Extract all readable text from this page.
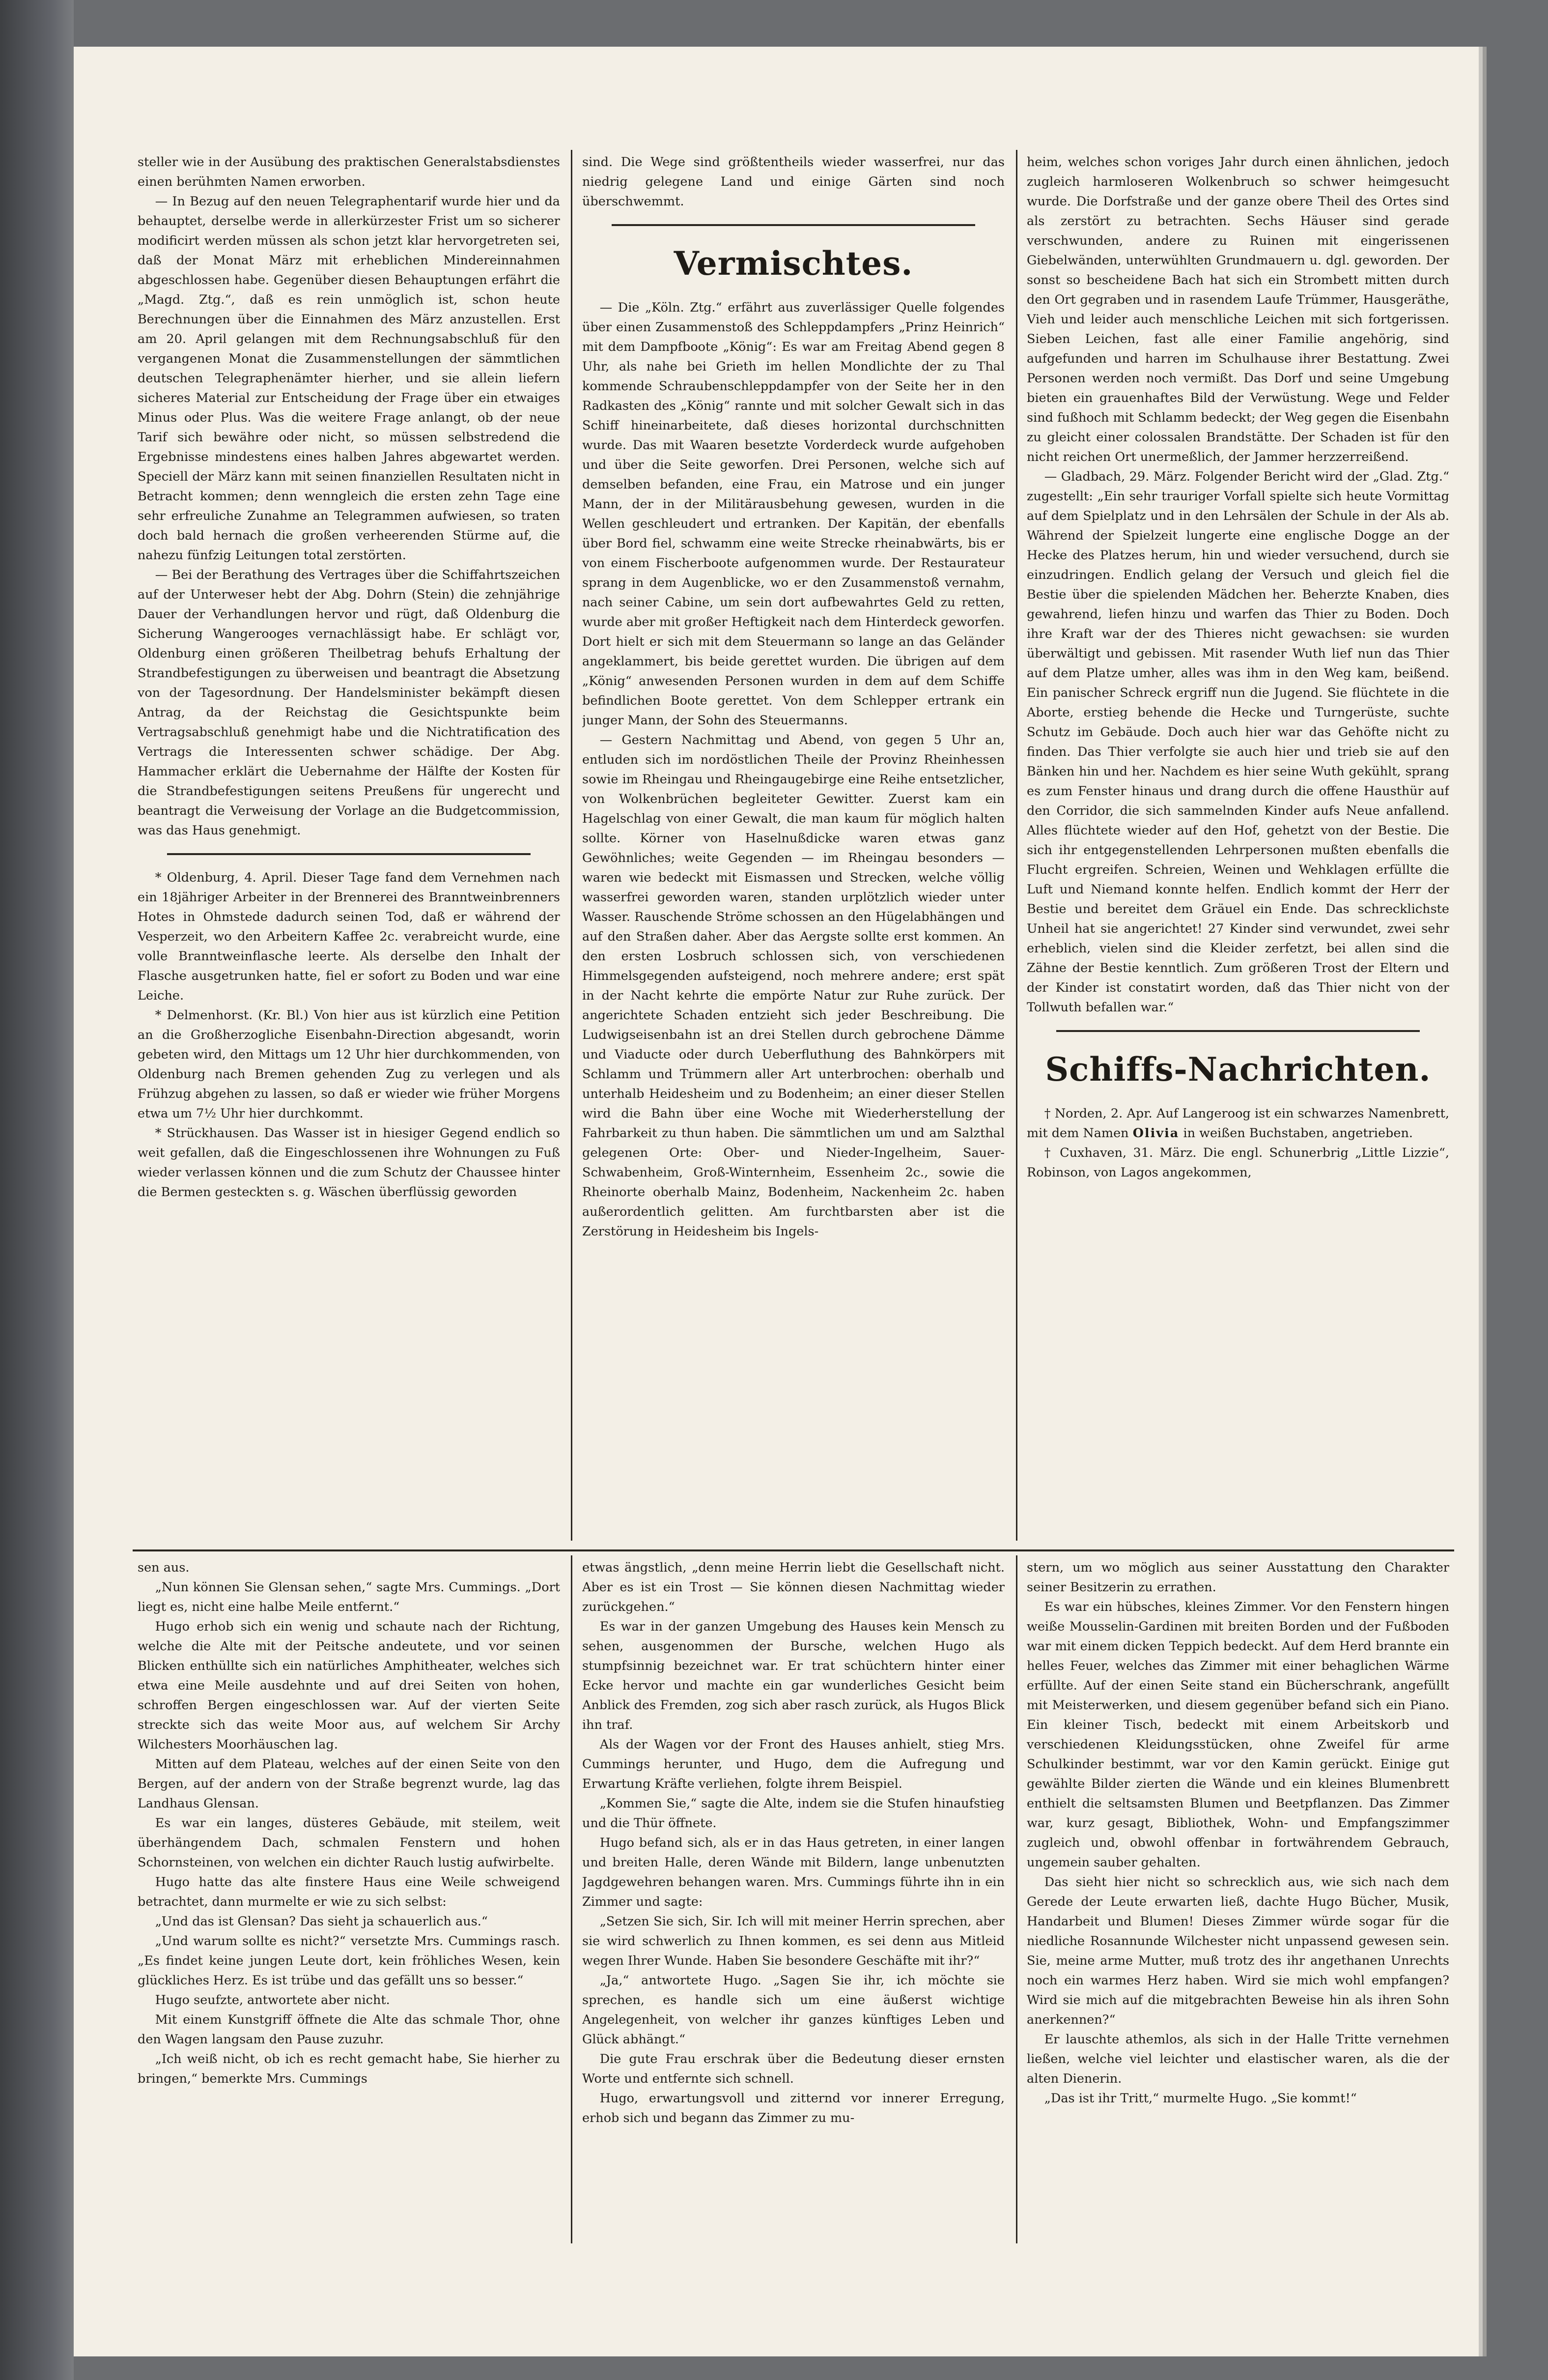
steller wie in der Ausübung des praktischen Generalstabsdienstes einen berühmten Namen erworben.

— In Bezug auf den neuen Telegraphentarif wurde hier und da behauptet, derselbe werde in allerkürzester Frist um so sicherer modificirt werden müssen als schon jetzt klar hervorgetreten sei, daß der Monat März mit erheblichen Mindereinnahmen abgeschlossen habe. Gegenüber diesen Behauptungen erfährt die „Magd. Ztg.“, daß es rein unmöglich ist, schon heute Berechnungen über die Einnahmen des März anzustellen. Erst am 20. April gelangen mit dem Rechnungsabschluß für den vergangenen Monat die Zusammenstellungen der sämmtlichen deutschen Telegraphenämter hierher, und sie allein liefern sicheres Material zur Entscheidung der Frage über ein etwaiges Minus oder Plus. Was die weitere Frage anlangt, ob der neue Tarif sich bewähre oder nicht, so müssen selbstredend die Ergebnisse mindestens eines halben Jahres abgewartet werden. Speciell der März kann mit seinen finanziellen Resultaten nicht in Betracht kommen; denn wenngleich die ersten zehn Tage eine sehr erfreuliche Zunahme an Telegrammen aufwiesen, so traten doch bald hernach die großen verheerenden Stürme auf, die nahezu fünfzig Leitungen total zerstörten.

— Bei der Berathung des Vertrages über die Schiffahrtszeichen auf der Unterweser hebt der Abg. Dohrn (Stein) die zehnjährige Dauer der Verhandlungen hervor und rügt, daß Oldenburg die Sicherung Wangerooges vernachlässigt habe. Er schlägt vor, Oldenburg einen größeren Theilbetrag behufs Erhaltung der Strandbefestigungen zu überweisen und beantragt die Absetzung von der Tagesordnung. Der Handelsminister bekämpft diesen Antrag, da der Reichstag die Gesichtspunkte beim Vertragsabschluß genehmigt habe und die Nichtratification des Vertrags die Interessenten schwer schädige. Der Abg. Hammacher erklärt die Uebernahme der Hälfte der Kosten für die Strandbefestigungen seitens Preußens für ungerecht und beantragt die Verweisung der Vorlage an die Budgetcommission, was das Haus genehmigt.

* Oldenburg, 4. April. Dieser Tage fand dem Vernehmen nach ein 18jähriger Arbeiter in der Brennerei des Branntweinbrenners Hotes in Ohmstede dadurch seinen Tod, daß er während der Vesperzeit, wo den Arbeitern Kaffee 2c. verabreicht wurde, eine volle Branntweinflasche leerte. Als derselbe den Inhalt der Flasche ausgetrunken hatte, fiel er sofort zu Boden und war eine Leiche.

* Delmenhorst. (Kr. Bl.) Von hier aus ist kürzlich eine Petition an die Großherzogliche Eisenbahn-Direction abgesandt, worin gebeten wird, den Mittags um 12 Uhr hier durchkommenden, von Oldenburg nach Bremen gehenden Zug zu verlegen und als Frühzug abgehen zu lassen, so daß er wieder wie früher Morgens etwa um 7½ Uhr hier durchkommt.

* Strückhausen. Das Wasser ist in hiesiger Gegend endlich so weit gefallen, daß die Eingeschlossenen ihre Wohnungen zu Fuß wieder verlassen können und die zum Schutz der Chaussee hinter die Bermen gesteckten s. g. Wäschen überflüssig geworden

sind. Die Wege sind größtentheils wieder wasserfrei, nur das niedrig gelegene Land und einige Gärten sind noch überschwemmt.

Vermischtes.

— Die „Köln. Ztg.“ erfährt aus zuverlässiger Quelle folgendes über einen Zusammenstoß des Schleppdampfers „Prinz Heinrich“ mit dem Dampfboote „König“: Es war am Freitag Abend gegen 8 Uhr, als nahe bei Grieth im hellen Mondlichte der zu Thal kommende Schraubenschleppdampfer von der Seite her in den Radkasten des „König“ rannte und mit solcher Gewalt sich in das Schiff hineinarbeitete, daß dieses horizontal durchschnitten wurde. Das mit Waaren besetzte Vorderdeck wurde aufgehoben und über die Seite geworfen. Drei Personen, welche sich auf demselben befanden, eine Frau, ein Matrose und ein junger Mann, der in der Militärausbehung gewesen, wurden in die Wellen geschleudert und ertranken. Der Kapitän, der ebenfalls über Bord fiel, schwamm eine weite Strecke rheinabwärts, bis er von einem Fischerboote aufgenommen wurde. Der Restaurateur sprang in dem Augenblicke, wo er den Zusammenstoß vernahm, nach seiner Cabine, um sein dort aufbewahrtes Geld zu retten, wurde aber mit großer Heftigkeit nach dem Hinterdeck geworfen. Dort hielt er sich mit dem Steuermann so lange an das Geländer angeklammert, bis beide gerettet wurden. Die übrigen auf dem „König“ anwesenden Personen wurden in dem auf dem Schiffe befindlichen Boote gerettet. Von dem Schlepper ertrank ein junger Mann, der Sohn des Steuermanns.

— Gestern Nachmittag und Abend, von gegen 5 Uhr an, entluden sich im nordöstlichen Theile der Provinz Rheinhessen sowie im Rheingau und Rheingaugebirge eine Reihe entsetzlicher, von Wolkenbrüchen begleiteter Gewitter. Zuerst kam ein Hagelschlag von einer Gewalt, die man kaum für möglich halten sollte. Körner von Haselnußdicke waren etwas ganz Gewöhnliches; weite Gegenden — im Rheingau besonders — waren wie bedeckt mit Eismassen und Strecken, welche völlig wasserfrei geworden waren, standen urplötzlich wieder unter Wasser. Rauschende Ströme schossen an den Hügelabhängen und auf den Straßen daher. Aber das Aergste sollte erst kommen. An den ersten Losbruch schlossen sich, von verschiedenen Himmelsgegenden aufsteigend, noch mehrere andere; erst spät in der Nacht kehrte die empörte Natur zur Ruhe zurück. Der angerichtete Schaden entzieht sich jeder Beschreibung. Die Ludwigseisenbahn ist an drei Stellen durch gebrochene Dämme und Viaducte oder durch Ueberfluthung des Bahnkörpers mit Schlamm und Trümmern aller Art unterbrochen: oberhalb und unterhalb Heidesheim und zu Bodenheim; an einer dieser Stellen wird die Bahn über eine Woche mit Wiederherstellung der Fahrbarkeit zu thun haben. Die sämmtlichen um und am Salzthal gelegenen Orte: Ober- und Nieder-Ingelheim, Sauer-Schwabenheim, Groß-Winternheim, Essenheim 2c., sowie die Rheinorte oberhalb Mainz, Bodenheim, Nackenheim 2c. haben außerordentlich gelitten. Am furchtbarsten aber ist die Zerstörung in Heidesheim bis Ingels-

heim, welches schon voriges Jahr durch einen ähnlichen, jedoch zugleich harmloseren Wolkenbruch so schwer heimgesucht wurde. Die Dorfstraße und der ganze obere Theil des Ortes sind als zerstört zu betrachten. Sechs Häuser sind gerade verschwunden, andere zu Ruinen mit eingerissenen Giebelwänden, unterwühlten Grundmauern u. dgl. geworden. Der sonst so bescheidene Bach hat sich ein Strombett mitten durch den Ort gegraben und in rasendem Laufe Trümmer, Hausgeräthe, Vieh und leider auch menschliche Leichen mit sich fortgerissen. Sieben Leichen, fast alle einer Familie angehörig, sind aufgefunden und harren im Schulhause ihrer Bestattung. Zwei Personen werden noch vermißt. Das Dorf und seine Umgebung bieten ein grauenhaftes Bild der Verwüstung. Wege und Felder sind fußhoch mit Schlamm bedeckt; der Weg gegen die Eisenbahn zu gleicht einer colossalen Brandstätte. Der Schaden ist für den nicht reichen Ort unermeßlich, der Jammer herzzerreißend.

— Gladbach, 29. März. Folgender Bericht wird der „Glad. Ztg.“ zugestellt: „Ein sehr trauriger Vorfall spielte sich heute Vormittag auf dem Spielplatz und in den Lehrsälen der Schule in der Als ab. Während der Spielzeit lungerte eine englische Dogge an der Hecke des Platzes herum, hin und wieder versuchend, durch sie einzudringen. Endlich gelang der Versuch und gleich fiel die Bestie über die spielenden Mädchen her. Beherzte Knaben, dies gewahrend, liefen hinzu und warfen das Thier zu Boden. Doch ihre Kraft war der des Thieres nicht gewachsen: sie wurden überwältigt und gebissen. Mit rasender Wuth lief nun das Thier auf dem Platze umher, alles was ihm in den Weg kam, beißend. Ein panischer Schreck ergriff nun die Jugend. Sie flüchtete in die Aborte, erstieg behende die Hecke und Turngerüste, suchte Schutz im Gebäude. Doch auch hier war das Gehöfte nicht zu finden. Das Thier verfolgte sie auch hier und trieb sie auf den Bänken hin und her. Nachdem es hier seine Wuth gekühlt, sprang es zum Fenster hinaus und drang durch die offene Hausthür auf den Corridor, die sich sammelnden Kinder aufs Neue anfallend. Alles flüchtete wieder auf den Hof, gehetzt von der Bestie. Die sich ihr entgegenstellenden Lehrpersonen mußten ebenfalls die Flucht ergreifen. Schreien, Weinen und Wehklagen erfüllte die Luft und Niemand konnte helfen. Endlich kommt der Herr der Bestie und bereitet dem Gräuel ein Ende. Das schrecklichste Unheil hat sie angerichtet! 27 Kinder sind verwundet, zwei sehr erheblich, vielen sind die Kleider zerfetzt, bei allen sind die Zähne der Bestie kenntlich. Zum größeren Trost der Eltern und der Kinder ist constatirt worden, daß das Thier nicht von der Tollwuth befallen war.“

Schiffs-Nachrichten.

† Norden, 2. Apr. Auf Langeroog ist ein schwarzes Namenbrett, mit dem Namen Olivia in weißen Buchstaben, angetrieben.

† Cuxhaven, 31. März. Die engl. Schunerbrig „Little Lizzie“, Robinson, von Lagos angekommen,

sen aus.

„Nun können Sie Glensan sehen,“ sagte Mrs. Cummings. „Dort liegt es, nicht eine halbe Meile entfernt.“

Hugo erhob sich ein wenig und schaute nach der Richtung, welche die Alte mit der Peitsche andeutete, und vor seinen Blicken enthüllte sich ein natürliches Amphitheater, welches sich etwa eine Meile ausdehnte und auf drei Seiten von hohen, schroffen Bergen eingeschlossen war. Auf der vierten Seite streckte sich das weite Moor aus, auf welchem Sir Archy Wilchesters Moorhäuschen lag.

Mitten auf dem Plateau, welches auf der einen Seite von den Bergen, auf der andern von der Straße begrenzt wurde, lag das Landhaus Glensan.

Es war ein langes, düsteres Gebäude, mit steilem, weit überhängendem Dach, schmalen Fenstern und hohen Schornsteinen, von welchen ein dichter Rauch lustig aufwirbelte.

Hugo hatte das alte finstere Haus eine Weile schweigend betrachtet, dann murmelte er wie zu sich selbst:

„Und das ist Glensan? Das sieht ja schauerlich aus.“

„Und warum sollte es nicht?“ versetzte Mrs. Cummings rasch. „Es findet keine jungen Leute dort, kein fröhliches Wesen, kein glückliches Herz. Es ist trübe und das gefällt uns so besser.“

Hugo seufzte, antwortete aber nicht.

Mit einem Kunstgriff öffnete die Alte das schmale Thor, ohne den Wagen langsam den Pause zuzuhr.

„Ich weiß nicht, ob ich es recht gemacht habe, Sie hierher zu bringen,“ bemerkte Mrs. Cummings

etwas ängstlich, „denn meine Herrin liebt die Gesellschaft nicht. Aber es ist ein Trost — Sie können diesen Nachmittag wieder zurückgehen.“

Es war in der ganzen Umgebung des Hauses kein Mensch zu sehen, ausgenommen der Bursche, welchen Hugo als stumpfsinnig bezeichnet war. Er trat schüchtern hinter einer Ecke hervor und machte ein gar wunderliches Gesicht beim Anblick des Fremden, zog sich aber rasch zurück, als Hugos Blick ihn traf.

Als der Wagen vor der Front des Hauses anhielt, stieg Mrs. Cummings herunter, und Hugo, dem die Aufregung und Erwartung Kräfte verliehen, folgte ihrem Beispiel.

„Kommen Sie,“ sagte die Alte, indem sie die Stufen hinaufstieg und die Thür öffnete.

Hugo befand sich, als er in das Haus getreten, in einer langen und breiten Halle, deren Wände mit Bildern, lange unbenutzten Jagdgewehren behangen waren. Mrs. Cummings führte ihn in ein Zimmer und sagte:

„Setzen Sie sich, Sir. Ich will mit meiner Herrin sprechen, aber sie wird schwerlich zu Ihnen kommen, es sei denn aus Mitleid wegen Ihrer Wunde. Haben Sie besondere Geschäfte mit ihr?“

„Ja,“ antwortete Hugo. „Sagen Sie ihr, ich möchte sie sprechen, es handle sich um eine äußerst wichtige Angelegenheit, von welcher ihr ganzes künftiges Leben und Glück abhängt.“

Die gute Frau erschrak über die Bedeutung dieser ernsten Worte und entfernte sich schnell.

Hugo, erwartungsvoll und zitternd vor innerer Erregung, erhob sich und begann das Zimmer zu mu-

stern, um wo möglich aus seiner Ausstattung den Charakter seiner Besitzerin zu errathen.

Es war ein hübsches, kleines Zimmer. Vor den Fenstern hingen weiße Mousselin-Gardinen mit breiten Borden und der Fußboden war mit einem dicken Teppich bedeckt. Auf dem Herd brannte ein helles Feuer, welches das Zimmer mit einer behaglichen Wärme erfüllte. Auf der einen Seite stand ein Bücherschrank, angefüllt mit Meisterwerken, und diesem gegenüber befand sich ein Piano. Ein kleiner Tisch, bedeckt mit einem Arbeitskorb und verschiedenen Kleidungsstücken, ohne Zweifel für arme Schulkinder bestimmt, war vor den Kamin gerückt. Einige gut gewählte Bilder zierten die Wände und ein kleines Blumenbrett enthielt die seltsamsten Blumen und Beetpflanzen. Das Zimmer war, kurz gesagt, Bibliothek, Wohn- und Empfangszimmer zugleich und, obwohl offenbar in fortwährendem Gebrauch, ungemein sauber gehalten.

Das sieht hier nicht so schrecklich aus, wie sich nach dem Gerede der Leute erwarten ließ, dachte Hugo Bücher, Musik, Handarbeit und Blumen! Dieses Zimmer würde sogar für die niedliche Rosannunde Wilchester nicht unpassend gewesen sein. Sie, meine arme Mutter, muß trotz des ihr angethanen Unrechts noch ein warmes Herz haben. Wird sie mich wohl empfangen? Wird sie mich auf die mitgebrachten Beweise hin als ihren Sohn anerkennen?“

Er lauschte athemlos, als sich in der Halle Tritte vernehmen ließen, welche viel leichter und elastischer waren, als die der alten Dienerin.

„Das ist ihr Tritt,“ murmelte Hugo. „Sie kommt!“
